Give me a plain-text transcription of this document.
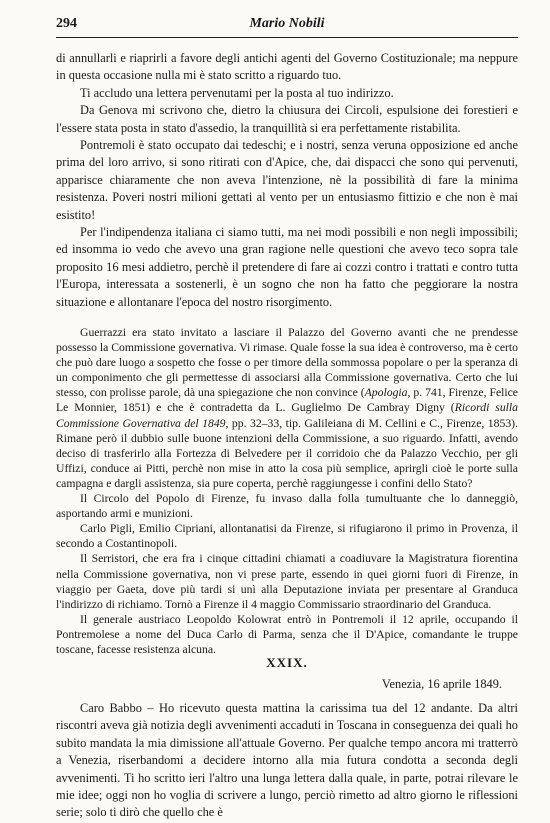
294	Mario Nobili

di annullarli e riaprirli a favore degli antichi agenti del Governo Costituzionale; ma neppure in questa occasione nulla mi è stato scritto a riguardo tuo.

Ti accludo una lettera pervenutami per la posta al tuo indirizzo.

Da Genova mi scrivono che, dietro la chiusura dei Circoli, espulsione dei forestieri e l'essere stata posta in stato d'assedio, la tranquillità si era perfettamente ristabilita.

Pontremoli è stato occupato dai tedeschi; e i nostri, senza veruna opposizione ed anche prima del loro arrivo, si sono ritirati con d'Apice, che, dai dispacci che sono qui pervenuti, apparisce chiaramente che non aveva l'intenzione, nè la possibilità di fare la minima resistenza. Poveri nostri milioni gettati al vento per un entusiasmo fittizio e che non è mai esistito!

Per l'indipendenza italiana ci siamo tutti, ma nei modi possibili e non negli impossibili; ed insomma io vedo che avevo una gran ragione nelle questioni che avevo teco sopra tale proposito 16 mesi addietro, perchè il pretendere di fare ai cozzi contro i trattati e contro tutta l'Europa, interessata a sostenerli, è un sogno che non ha fatto che peggiorare la nostra situazione e allontanare l'epoca del nostro risorgimento.

Guerrazzi era stato invitato a lasciare il Palazzo del Governo avanti che ne prendesse possesso la Commissione governativa. Vi rimase. Quale fosse la sua idea è controverso, ma è certo che può dare luogo a sospetto che fosse o per timore della sommossa popolare o per la speranza di un componimento che gli permettesse di associarsi alla Commissione governativa. Certo che lui stesso, con prolisse parole, dà una spiegazione che non convince (Apologia, p. 741, Firenze, Felice Le Monnier, 1851) e che è contradetta da L. Guglielmo De Cambray Digny (Ricordi sulla Commissione Governativa del 1849, pp. 32–33, tip. Galileiana di M. Cellini e C., Firenze, 1853). Rimane però il dubbio sulle buone intenzioni della Commissione, a suo riguardo. Infatti, avendo deciso di trasferirlo alla Fortezza di Belvedere per il corridoio che da Palazzo Vecchio, per gli Uffizi, conduce ai Pitti, perchè non mise in atto la cosa più semplice, aprirgli cioè le porte sulla campagna e dargli assistenza, sia pure coperta, perchè raggiungesse i confini dello Stato?

Il Circolo del Popolo di Firenze, fu invaso dalla folla tumultuante che lo danneggiò, asportando armi e munizioni.

Carlo Pigli, Emilio Cipriani, allontanatisi da Firenze, si rifugiarono il primo in Provenza, il secondo a Costantinopoli.

Il Serristori, che era fra i cinque cittadini chiamati a coadiuvare la Magistratura fiorentina nella Commissione governativa, non vi prese parte, essendo in quei giorni fuori di Firenze, in viaggio per Gaeta, dove più tardi si unì alla Deputazione inviata per presentare al Granduca l'indirizzo di richiamo. Tornò a Firenze il 4 maggio Commissario straordinario del Granduca.

Il generale austriaco Leopoldo Kolowrat entrò in Pontremoli il 12 aprile, occupando il Pontremolese a nome del Duca Carlo di Parma, senza che il D'Apice, comandante le truppe toscane, facesse resistenza alcuna.

XXIX.
Venezia, 16 aprile 1849.

Caro Babbo – Ho ricevuto questa mattina la carissima tua del 12 andante. Da altri riscontri aveva già notizia degli avvenimenti accaduti in Toscana in conseguenza dei quali ho subito mandata la mia dimissione all'attuale Governo. Per qualche tempo ancora mi tratterrò a Venezia, riserbandomi a decidere intorno alla mia futura condotta a seconda degli avvenimenti. Ti ho scritto ieri l'altro una lunga lettera dalla quale, in parte, potrai rilevare le mie idee; oggi non ho voglia di scrivere a lungo, perciò rimetto ad altro giorno le riflessioni serie; solo ti dirò che quello che è
